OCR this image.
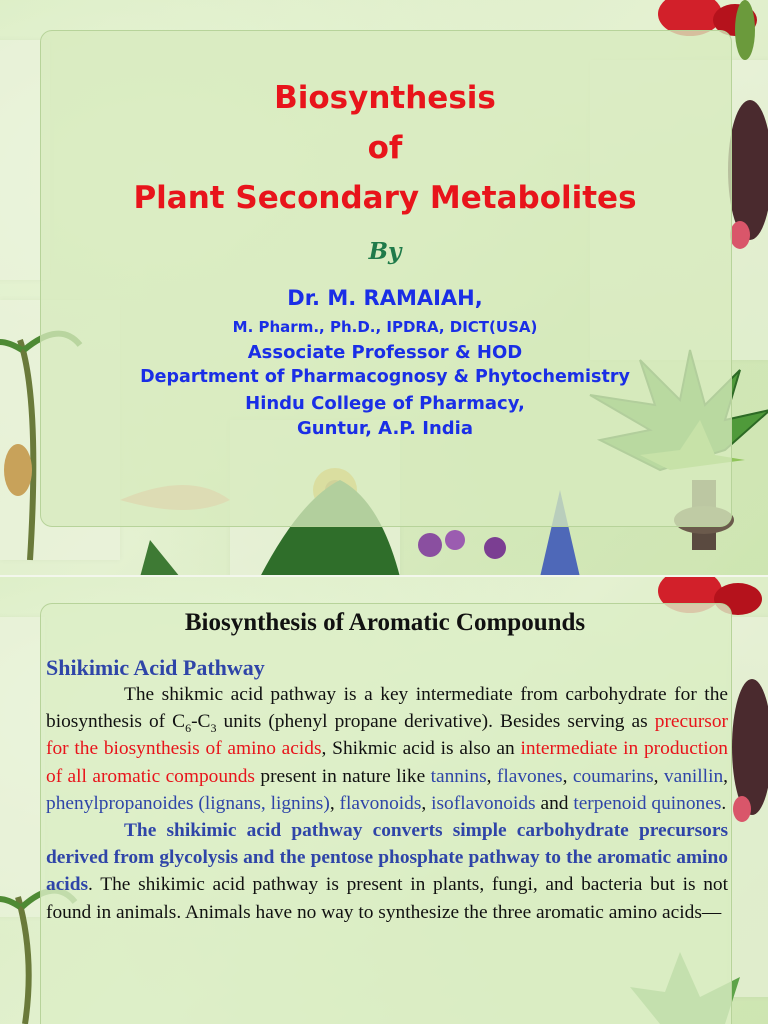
Biosynthesis
of
Plant Secondary Metabolites
By

Dr. M. RAMAIAH,

M. Pharm., Ph.D., IPDRA, DICT(USA)

Associate Professor & HOD

Department of Pharmacognosy & Phytochemistry

Hindu College of Pharmacy,

Guntur, A.P. India

Biosynthesis of Aromatic Compounds
Shikimic Acid Pathway

The shikmic acid pathway is a key intermediate from carbohydrate for the biosynthesis of $C_6-C_3$ units (phenyl propane derivative). Besides serving as precursor for the biosynthesis of amino acids, Shikmic acid is also an intermediate in production of all aromatic compounds present in nature like tannins, flavones, coumarins, vanillin, phenylpropanoides (lignans, lignins), flavonoids, isoflavonoids and terpenoid quinones.

The shikimic acid pathway converts simple carbohydrate precursors derived from glycolysis and the pentose phosphate pathway to the aromatic amino acids. The shikimic acid pathway is present in plants, fungi, and bacteria but is not found in animals. Animals have no way to synthesize the three aromatic amino acids—
